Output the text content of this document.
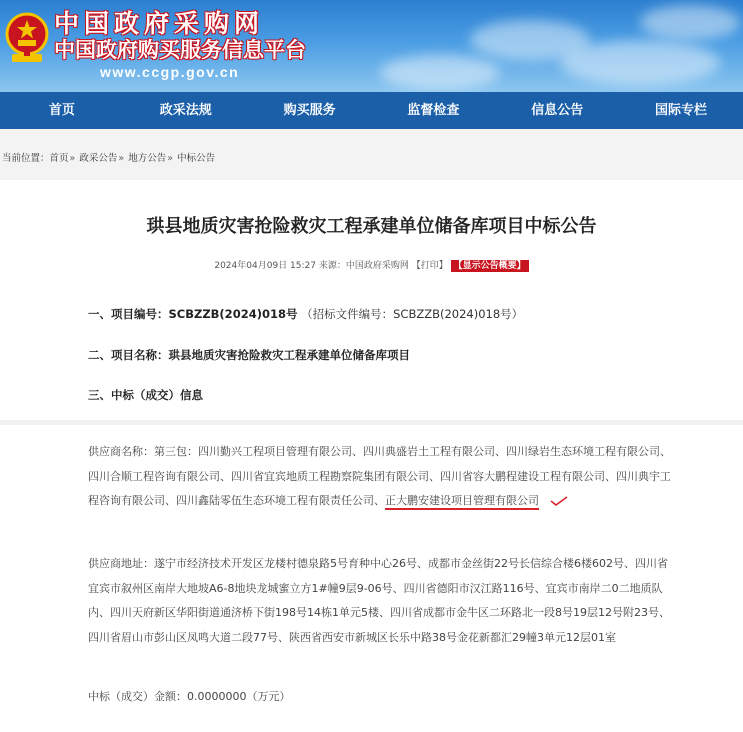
中国政府采购网
中国政府购买服务信息平台
www.ccgp.gov.cn
首页	政采法规	购买服务	监督检查	信息公告	国际专栏
当前位置：首页» 政采公告» 地方公告» 中标公告
珙县地质灾害抢险救灾工程承建单位储备库项目中标公告
2024年04月09日 15:27 来源：中国政府采购网 【打印】 【显示公告概要】
一、项目编号：SCBZZB(2024)018号 （招标文件编号：SCBZZB(2024)018号）
二、项目名称：珙县地质灾害抢险救灾工程承建单位储备库项目
三、中标（成交）信息
供应商名称：第三包：四川勤兴工程项目管理有限公司、四川典盛岩土工程有限公司、四川绿岩生态环境工程有限公司、四川合顺工程咨询有限公司、四川省宜宾地质工程勘察院集团有限公司、四川省容大鹏程建设工程有限公司、四川典宇工程咨询有限公司、四川鑫陆零伍生态环境工程有限责任公司、正大鹏安建设项目管理有限公司
供应商地址：遂宁市经济技术开发区龙楼村德泉路5号育种中心26号、成都市金丝街22号长信综合楼6楼602号、四川省宜宾市叙州区南岸大地坡A6-8地块龙城蜜立方1#幢9层9-06号、四川省德阳市汉江路116号、宜宾市南岸二0二地质队内、四川天府新区华阳街道通济桥下街198号14栋1单元5楼、四川省成都市金牛区二环路北一段8号19层12号附23号、四川省眉山市彭山区凤鸣大道二段77号、陕西省西安市新城区长乐中路38号金花新都汇29幢3单元12层01室
中标（成交）金额：0.0000000（万元）
